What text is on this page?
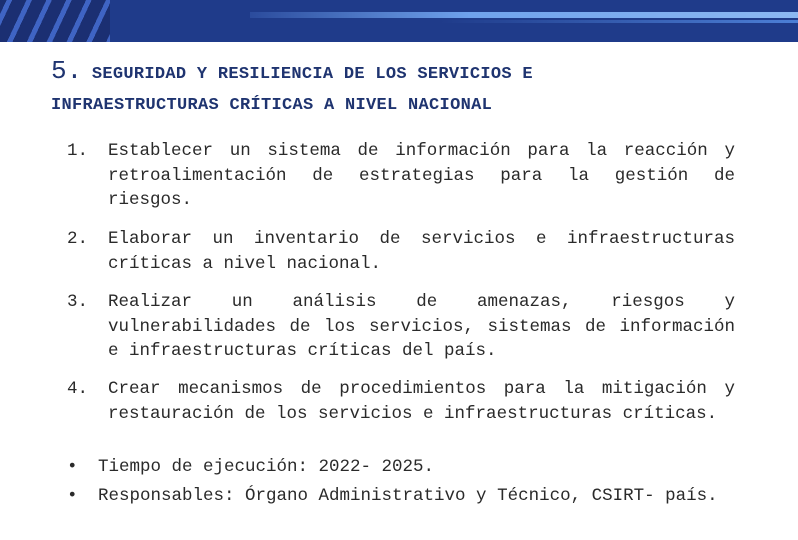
5. SEGURIDAD Y RESILIENCIA DE LOS SERVICIOS E
INFRAESTRUCTURAS CRÍTICAS A NIVEL NACIONAL
1.	Establecer un sistema de información para la reacción y retroalimentación de estrategias para la gestión de riesgos.
2.	Elaborar un inventario de servicios e infraestructuras críticas a nivel nacional.
3.	Realizar un análisis de amenazas, riesgos y vulnerabilidades de los servicios, sistemas de información e infraestructuras críticas del país.
4.	Crear mecanismos de procedimientos para la mitigación y restauración de los servicios e infraestructuras críticas.
•	Tiempo de ejecución: 2022- 2025.
•	Responsables: Órgano Administrativo y Técnico, CSIRT- país.
